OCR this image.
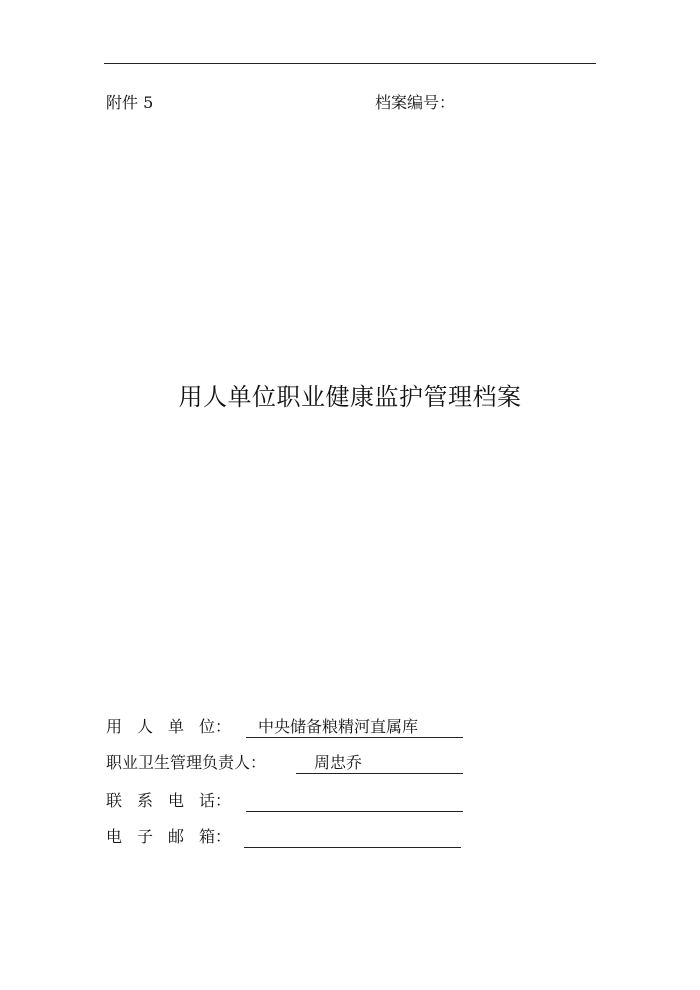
附件 5	档案编号：
用人单位职业健康监护管理档案
用 人 单 位：	中央储备粮精河直属库
职业卫生管理负责人：	周忠乔
联 系 电 话：
电 子 邮 箱：
